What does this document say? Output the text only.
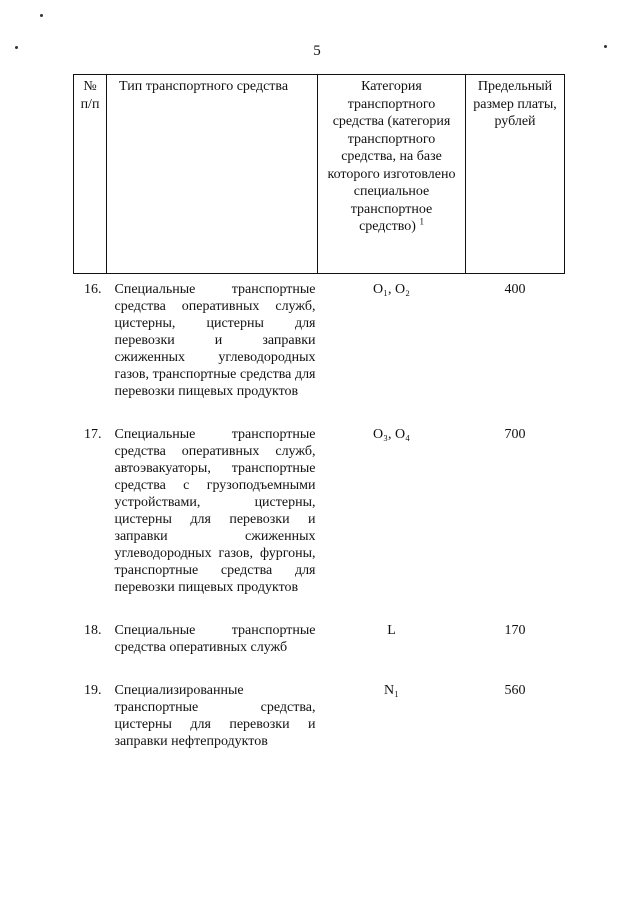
5
№ п/п	Тип транспортного средства	Категория транспортного средства (категория транспортного средства, на базе которого изготовлено специальное транспортное средство) $^1$	Предельный размер платы, рублей
16.	Специальные транспортные средства оперативных служб, цистерны, цистерны для перевозки и заправки сжиженных углеводородных газов, транспортные средства для перевозки пищевых продуктов	O₁, O₂	400
17.	Специальные транспортные средства оперативных служб, автоэвакуаторы, транспортные средства с грузоподъемными устройствами, цистерны, цистерны для перевозки и заправки сжиженных углеводородных газов, фургоны, транспортные средства для перевозки пищевых продуктов	O₃, O₄	700
18.	Специальные транспортные средства оперативных служб	L	170
19.	Специализированные транспортные средства, цистерны для перевозки и заправки нефтепродуктов	N₁	560
